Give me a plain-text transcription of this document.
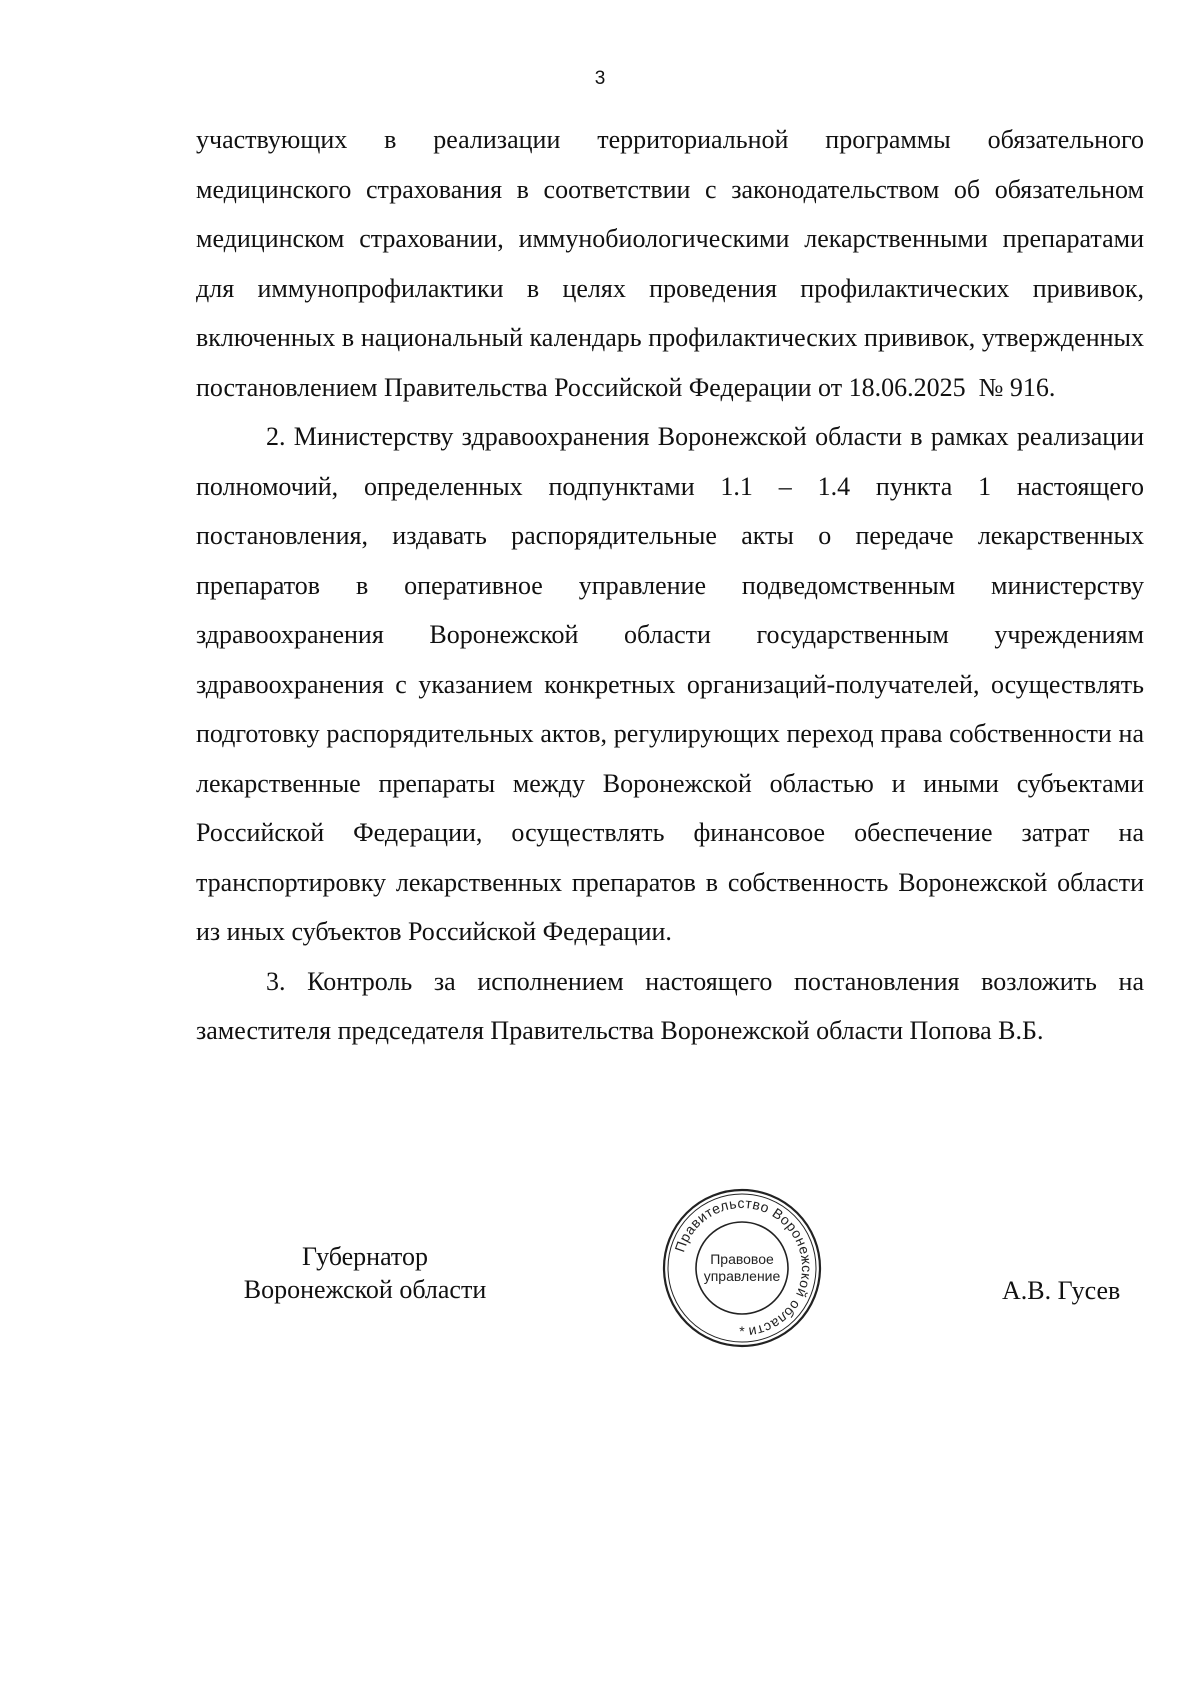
3

участвующих в реализации территориальной программы обязательного медицинского страхования в соответствии с законодательством об обязательном медицинском страховании, иммунобиологическими лекарственными препаратами для иммунопрофилактики в целях проведения профилактических прививок, включенных в национальный календарь профилактических прививок, утвержденных постановлением Правительства Российской Федерации от 18.06.2025  № 916.

2. Министерству здравоохранения Воронежской области в рамках реализации полномочий, определенных подпунктами 1.1 – 1.4 пункта 1 настоящего постановления, издавать распорядительные акты о передаче лекарственных препаратов в оперативное управление подведомственным министерству здравоохранения Воронежской области государственным учреждениям здравоохранения с указанием конкретных организаций-получателей, осуществлять подготовку распорядительных актов, регулирующих переход права собственности на  лекарственные препараты между Воронежской областью и иными субъектами Российской Федерации, осуществлять финансовое обеспечение затрат на транспортировку лекарственных препаратов в собственность Воронежской области из иных субъектов Российской Федерации.

3. Контроль за исполнением настоящего постановления возложить на заместителя председателя Правительства Воронежской области Попова В.Б.

Губернатор
Воронежской области	А.В. Гусев
Правительство Воронежской области
Правовое
управление
*
